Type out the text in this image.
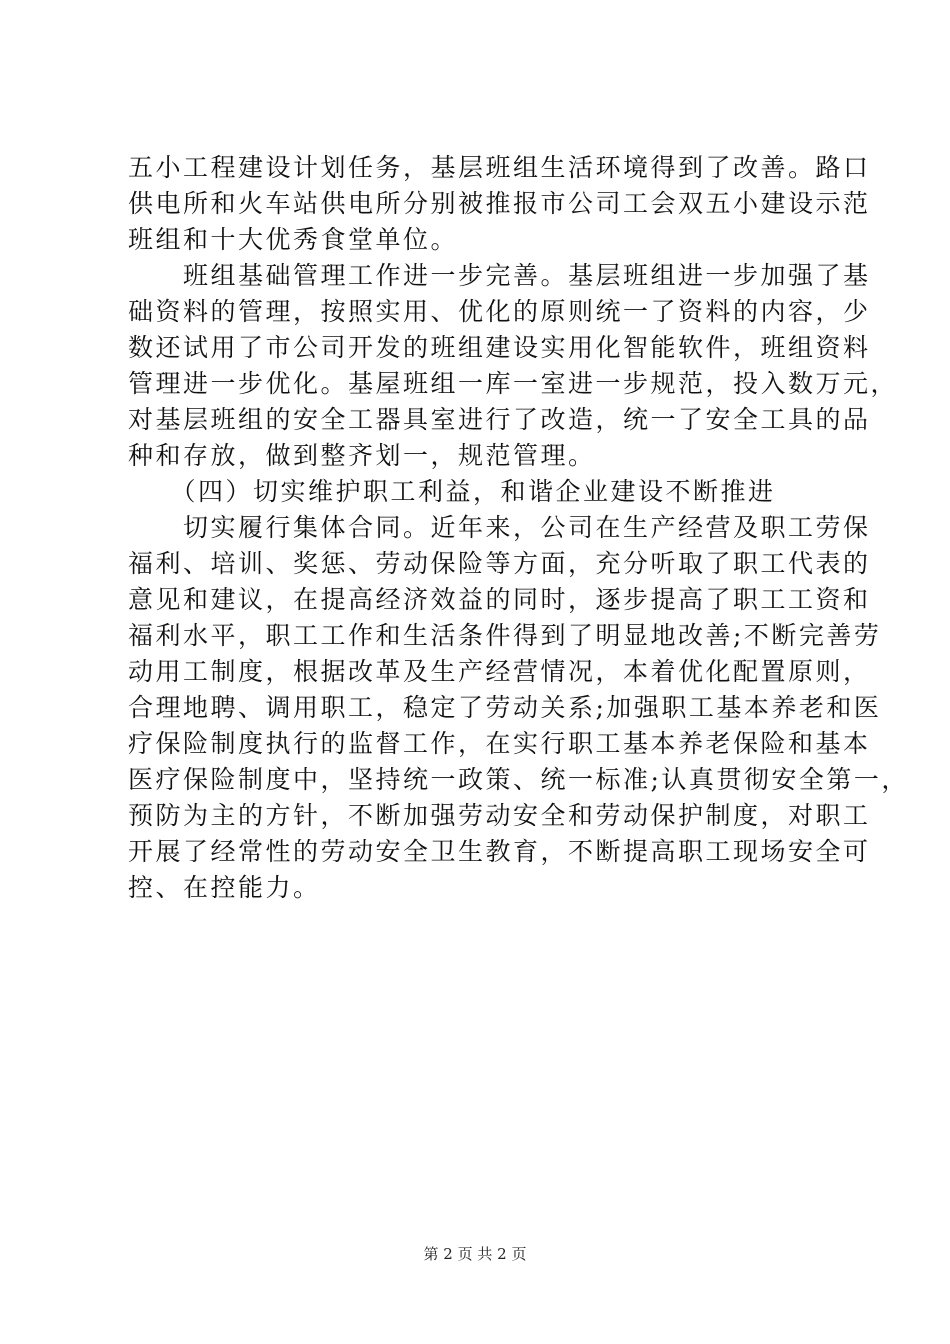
五小工程建设计划任务，基层班组生活环境得到了改善。路口
供电所和火车站供电所分别被推报市公司工会双五小建设示范
班组和十大优秀食堂单位。
　　班组基础管理工作进一步完善。基层班组进一步加强了基
础资料的管理，按照实用、优化的原则统一了资料的内容，少
数还试用了市公司开发的班组建设实用化智能软件，班组资料
管理进一步优化。基屋班组一库一室进一步规范，投入数万元，
对基层班组的安全工器具室进行了改造，统一了安全工具的品
种和存放，做到整齐划一，规范管理。
　　（四）切实维护职工利益，和谐企业建设不断推进
　　切实履行集体合同。近年来，公司在生产经营及职工劳保
福利、培训、奖惩、劳动保险等方面，充分听取了职工代表的
意见和建议，在提高经济效益的同时，逐步提高了职工工资和
福利水平，职工工作和生活条件得到了明显地改善;不断完善劳
动用工制度，根据改革及生产经营情况，本着优化配置原则，
合理地聘、调用职工，稳定了劳动关系;加强职工基本养老和医
疗保险制度执行的监督工作，在实行职工基本养老保险和基本
医疗保险制度中，坚持统一政策、统一标准;认真贯彻安全第一，
预防为主的方针，不断加强劳动安全和劳动保护制度，对职工
开展了经常性的劳动安全卫生教育，不断提高职工现场安全可
控、在控能力。
第 2 页 共 2 页
